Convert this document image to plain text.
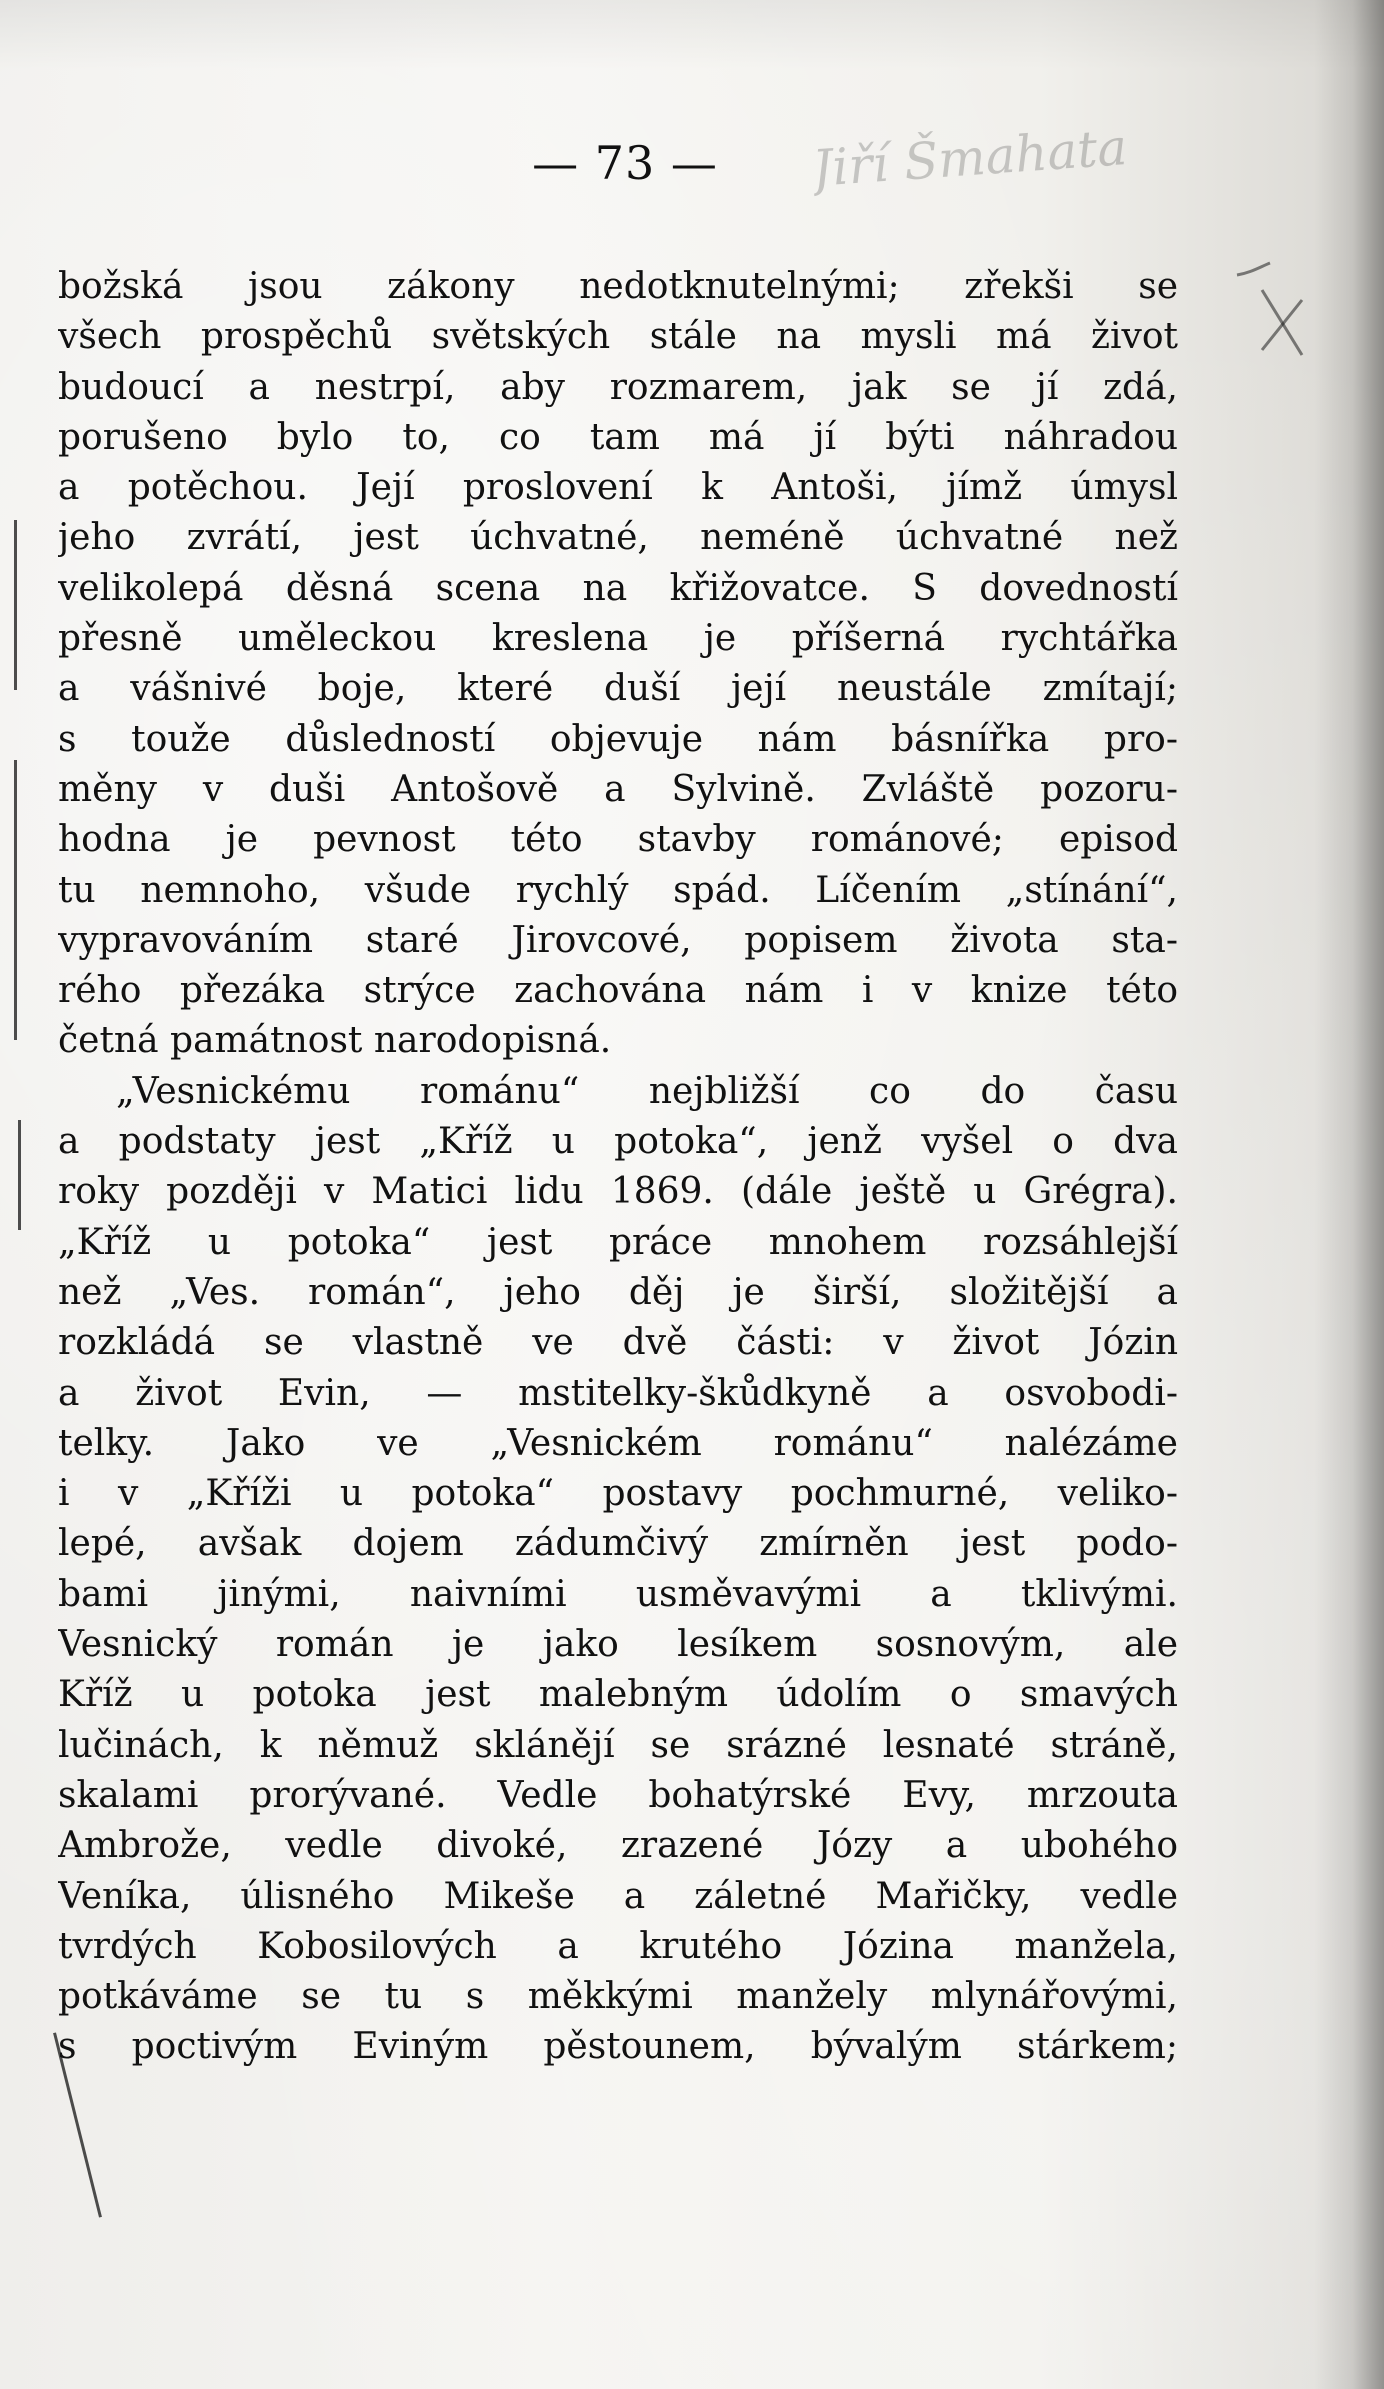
— 73 —	Jiří Šmahata
božská jsou zákony nedotknutelnými; zřekši se
všech prospěchů světských stále na mysli má život
budoucí a nestrpí, aby rozmarem, jak se jí zdá,
porušeno bylo to, co tam má jí býti náhradou
a potěchou. Její proslovení k Antoši, jímž úmysl
jeho zvrátí, jest úchvatné, neméně úchvatné než
velikolepá děsná scena na křižovatce. S dovedností
přesně uměleckou kreslena je příšerná rychtářka
a vášnivé boje, které duší její neustále zmítají;
s touže důsledností objevuje nám básnířka pro-
měny v duši Antošově a Sylvině. Zvláště pozoru-
hodna je pevnost této stavby románové; episod
tu nemnoho, všude rychlý spád. Líčením „stínání“,
vypravováním staré Jirovcové, popisem života sta-
rého přezáka strýce zachována nám i v knize této
četná památnost narodopisná.
„Vesnickému románu“ nejbližší co do času
a podstaty jest „Kříž u potoka“, jenž vyšel o dva
roky později v Matici lidu 1869. (dále ještě u Grégra).
„Kříž u potoka“ jest práce mnohem rozsáhlejší
než „Ves. román“, jeho děj je širší, složitější a
rozkládá se vlastně ve dvě části: v život Józin
a život Evin, — mstitelky-škůdkyně a osvobodi-
telky. Jako ve „Vesnickém románu“ nalézáme
i v „Kříži u potoka“ postavy pochmurné, veliko-
lepé, avšak dojem zádumčivý zmírněn jest podo-
bami jinými, naivními usměvavými a tklivými.
Vesnický román je jako lesíkem sosnovým, ale
Kříž u potoka jest malebným údolím o smavých
lučinách, k němuž sklánějí se srázné lesnaté stráně,
skalami prorývané. Vedle bohatýrské Evy, mrzouta
Ambrože, vedle divoké, zrazené Józy a ubohého
Veníka, úlisného Mikeše a záletné Mařičky, vedle
tvrdých Kobosilových a krutého Józina manžela,
potkáváme se tu s měkkými manžely mlynářovými,
s poctivým Eviným pěstounem, bývalým stárkem;
